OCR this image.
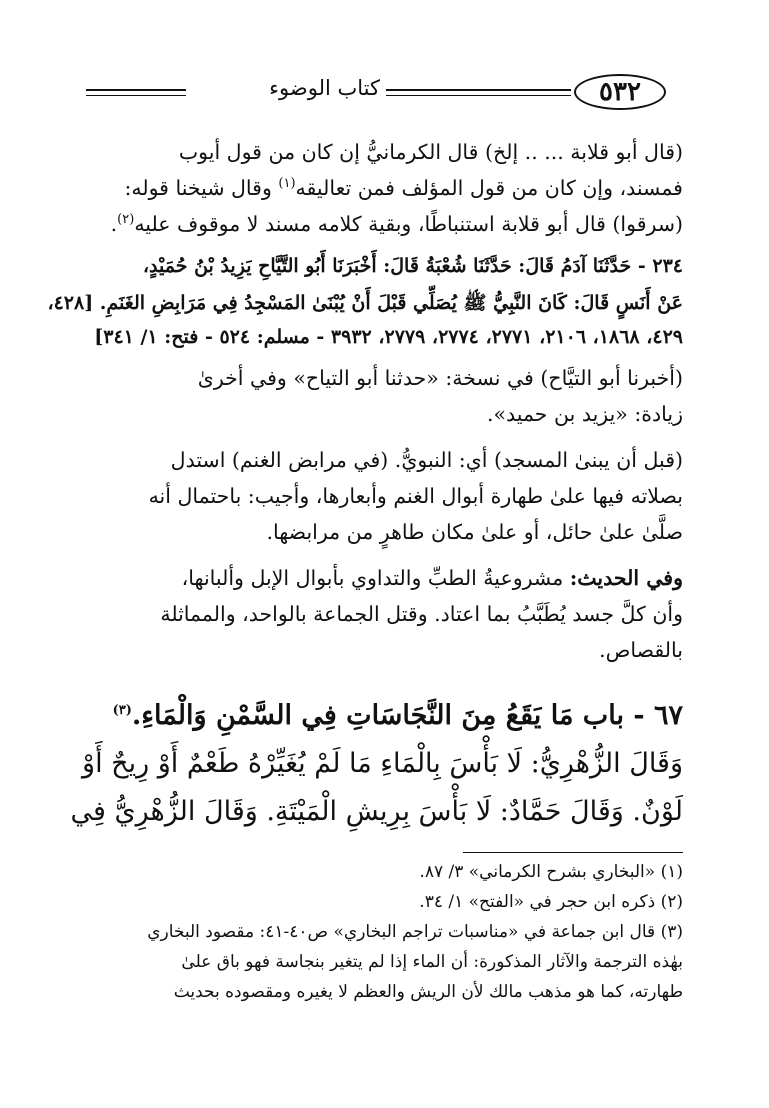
كتاب الوضوء	٥٣٢
(قال أبو قلابة ... .. إلخ) قال الكرمانيُّ إن كان من قول أيوب
فمسند، وإن كان من قول المؤلف فمن تعاليقه$^{(١)}$ وقال شيخنا قوله:
(سرقوا) قال أبو قلابة استنباطًا، وبقية كلامه مسند لا موقوف عليه$^{(٢)}$.
٢٣٤ - حَدَّثَنَا آدَمُ قَالَ: حَدَّثَنَا شُعْبَةُ قَالَ: أَخْبَرَنَا أَبُو التَّيَّاحِ يَزِيدُ بْنُ حُمَيْدٍ،
عَنْ أَنَسٍ قَالَ: كَانَ النَّبِيُّ ﷺ يُصَلِّي قَبْلَ أَنْ يُبْنَىٰ المَسْجِدُ فِي مَرَابِضِ الغَنَمِ. [٤٢٨،
٤٢٩، ١٨٦٨، ٢١٠٦، ٢٧٧١، ٢٧٧٤، ٢٧٧٩، ٣٩٣٢ - مسلم: ٥٢٤ - فتح: ١/ ٣٤١]
(أخبرنا أبو التيَّاح) في نسخة: «حدثنا أبو التياح» وفي أخرىٰ
زيادة: «يزيد بن حميد».
(قبل أن يبنىٰ المسجد) أي: النبويُّ. (في مرابض الغنم) استدل
بصلاته فيها علىٰ طهارة أبوال الغنم وأبعارها، وأجيب: باحتمال أنه
صلَّىٰ علىٰ حائل، أو علىٰ مكان طاهرٍ من مرابضها.
وفي الحديث: مشروعيةُ الطبِّ والتداوي بأبوال الإبل وألبانها،
وأن كلَّ جسد يُطَبَّبُ بما اعتاد. وقتل الجماعة بالواحد، والمماثلة
بالقصاص.
٦٧ - باب مَا يَقَعُ مِنَ النَّجَاسَاتِ فِي السَّمْنِ وَالْمَاءِ.$^{(٣)}$
وَقَالَ الزُّهْرِيُّ: لَا بَأْسَ بِالْمَاءِ مَا لَمْ يُغَيِّرْهُ طَعْمٌ أَوْ رِيحٌ أَوْ
لَوْنٌ. وَقَالَ حَمَّادٌ: لَا بَأْسَ بِرِيشِ الْمَيْتَةِ. وَقَالَ الزُّهْرِيُّ فِي
(١) «البخاري بشرح الكرماني» ٣/ ٨٧.
(٢) ذكره ابن حجر في «الفتح» ١/ ٣٤.
(٣) قال ابن جماعة في «مناسبات تراجم البخاري» ص٤٠-٤١: مقصود البخاري
بهٰذه الترجمة والآثار المذكورة: أن الماء إذا لم يتغير بنجاسة فهو باق علىٰ
طهارته، كما هو مذهب مالك لأن الريش والعظم لا يغيره ومقصوده بحديث
